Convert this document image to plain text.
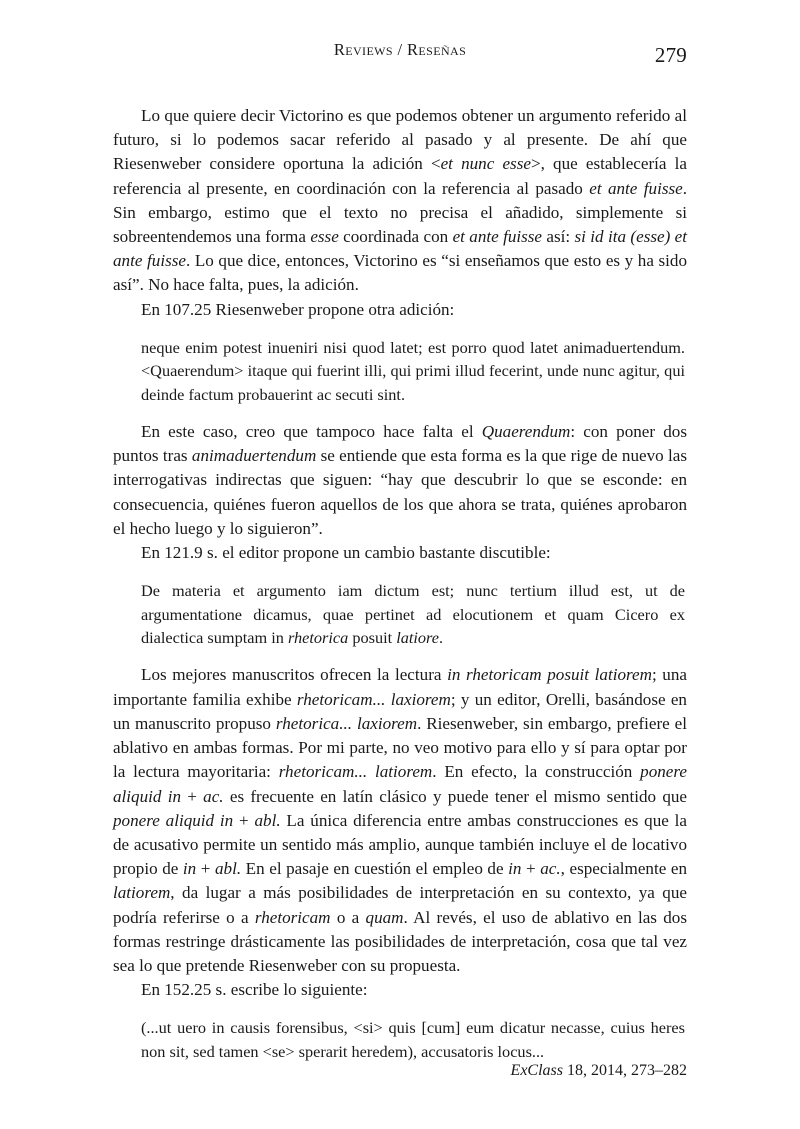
Reviews / Reseñas	279

Lo que quiere decir Victorino es que podemos obtener un argumento referido al futuro, si lo podemos sacar referido al pasado y al presente. De ahí que Riesenweber considere oportuna la adición <et nunc esse>, que establecería la referencia al presente, en coordinación con la referencia al pasado et ante fuisse. Sin embargo, estimo que el texto no precisa el añadido, simplemente si sobreentendemos una forma esse coordinada con et ante fuisse así: si id ita (esse) et ante fuisse. Lo que dice, entonces, Victorino es “si enseñamos que esto es y ha sido así”. No hace falta, pues, la adición.

En 107.25 Riesenweber propone otra adición:

neque enim potest inueniri nisi quod latet; est porro quod latet animaduertendum. <Quaerendum> itaque qui fuerint illi, qui primi illud fecerint, unde nunc agitur, qui deinde factum probauerint ac secuti sint.

En este caso, creo que tampoco hace falta el Quaerendum: con poner dos puntos tras animaduertendum se entiende que esta forma es la que rige de nuevo las interrogativas indirectas que siguen: “hay que descubrir lo que se esconde: en consecuencia, quiénes fueron aquellos de los que ahora se trata, quiénes aprobaron el hecho luego y lo siguieron”.

En 121.9 s. el editor propone un cambio bastante discutible:

De materia et argumento iam dictum est; nunc tertium illud est, ut de argumentatione dicamus, quae pertinet ad elocutionem et quam Cicero ex dialectica sumptam in rhetorica posuit latiore.

Los mejores manuscritos ofrecen la lectura in rhetoricam posuit latiorem; una importante familia exhibe rhetoricam... laxiorem; y un editor, Orelli, basándose en un manuscrito propuso rhetorica... laxiorem. Riesenweber, sin embargo, prefiere el ablativo en ambas formas. Por mi parte, no veo motivo para ello y sí para optar por la lectura mayoritaria: rhetoricam... latiorem. En efecto, la construcción ponere aliquid in + ac. es frecuente en latín clásico y puede tener el mismo sentido que ponere aliquid in + abl. La única diferencia entre ambas construcciones es que la de acusativo permite un sentido más amplio, aunque también incluye el de locativo propio de in + abl. En el pasaje en cuestión el empleo de in + ac., especialmente en latiorem, da lugar a más posibilidades de interpretación en su contexto, ya que podría referirse o a rhetoricam o a quam. Al revés, el uso de ablativo en las dos formas restringe drásticamente las posibilidades de interpretación, cosa que tal vez sea lo que pretende Riesenweber con su propuesta.

En 152.25 s. escribe lo siguiente:

(...ut uero in causis forensibus, <si> quis [cum] eum dicatur necasse, cuius heres non sit, sed tamen <se> sperarit heredem), accusatoris locus...

ExClass 18, 2014, 273–282
